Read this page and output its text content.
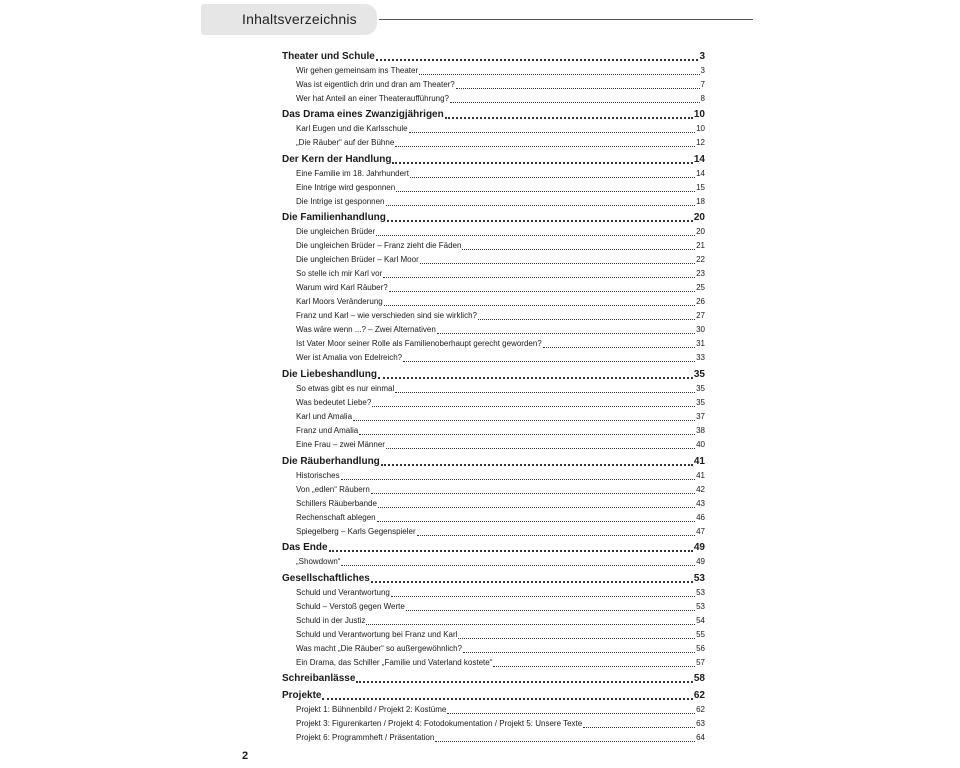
Inhaltsverzeichnis
Theater und Schule	3
Wir gehen gemeinsam ins Theater	3
Was ist eigentlich drin und dran am Theater?	7
Wer hat Anteil an einer Theateraufführung?	8
Das Drama eines Zwanzigjährigen	10
Karl Eugen und die Karlsschule	10
„Die Räuber“ auf der Bühne	12
Der Kern der Handlung	14
Eine Familie im 18. Jahrhundert	14
Eine Intrige wird gesponnen	15
Die Intrige ist gesponnen	18
Die Familienhandlung	20
Die ungleichen Brüder	20
Die ungleichen Brüder – Franz zieht die Fäden	21
Die ungleichen Brüder – Karl Moor	22
So stelle ich mir Karl vor	23
Warum wird Karl Räuber?	25
Karl Moors Veränderung	26
Franz und Karl – wie verschieden sind sie wirklich?	27
Was wäre wenn ...? – Zwei Alternativen	30
Ist Vater Moor seiner Rolle als Familienoberhaupt gerecht geworden?	31
Wer ist Amalia von Edelreich?	33
Die Liebeshandlung	35
So etwas gibt es nur einmal	35
Was bedeutet Liebe?	35
Karl und Amalia	37
Franz und Amalia	38
Eine Frau – zwei Männer	40
Die Räuberhandlung	41
Historisches	41
Von „edlen“ Räubern	42
Schillers Räuberbande	43
Rechenschaft ablegen	46
Spiegelberg – Karls Gegenspieler	47
Das Ende	49
„Showdown“	49
Gesellschaftliches	53
Schuld und Verantwortung	53
Schuld – Verstoß gegen Werte	53
Schuld in der Justiz	54
Schuld und Verantwortung bei Franz und Karl	55
Was macht „Die Räuber“ so außergewöhnlich?	56
Ein Drama, das Schiller „Familie und Vaterland kostete“	57
Schreibanlässe	58
Projekte	62
Projekt 1: Bühnenbild / Projekt 2: Kostüme	62
Projekt 3: Figurenkarten / Projekt 4: Fotodokumentation / Projekt 5: Unsere Texte	63
Projekt 6: Programmheft / Präsentation	64
2
